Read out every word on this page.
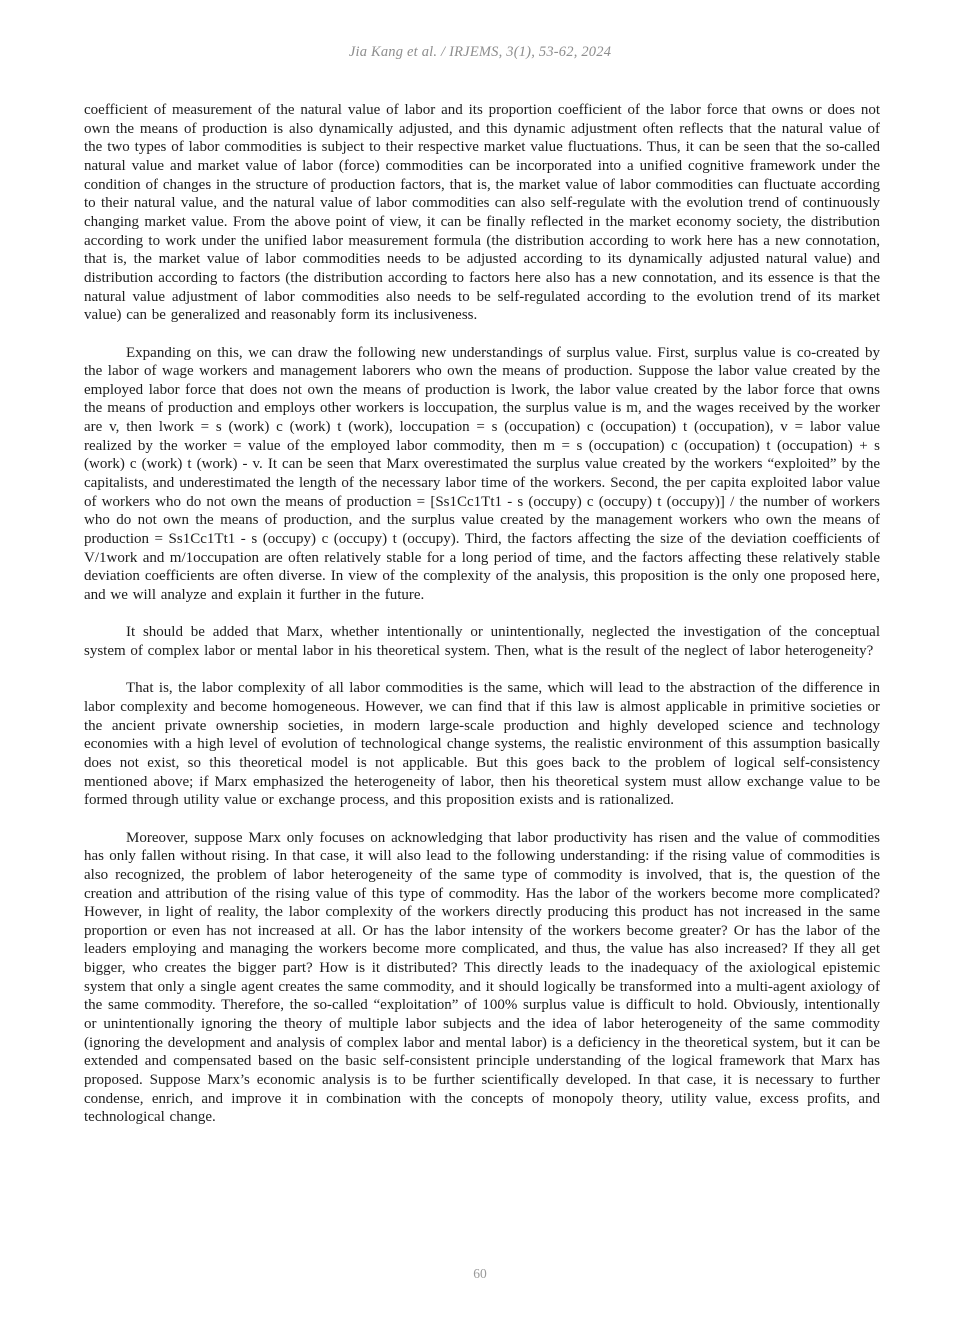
Jia Kang et al. / IRJEMS, 3(1), 53-62, 2024

coefficient of measurement of the natural value of labor and its proportion coefficient of the labor force that owns or does not own the means of production is also dynamically adjusted, and this dynamic adjustment often reflects that the natural value of the two types of labor commodities is subject to their respective market value fluctuations. Thus, it can be seen that the so-called natural value and market value of labor (force) commodities can be incorporated into a unified cognitive framework under the condition of changes in the structure of production factors, that is, the market value of labor commodities can fluctuate according to their natural value, and the natural value of labor commodities can also self-regulate with the evolution trend of continuously changing market value. From the above point of view, it can be finally reflected in the market economy society, the distribution according to work under the unified labor measurement formula (the distribution according to work here has a new connotation, that is, the market value of labor commodities needs to be adjusted according to its dynamically adjusted natural value) and distribution according to factors (the distribution according to factors here also has a new connotation, and its essence is that the natural value adjustment of labor commodities also needs to be self-regulated according to the evolution trend of its market value) can be generalized and reasonably form its inclusiveness.

Expanding on this, we can draw the following new understandings of surplus value. First, surplus value is co-created by the labor of wage workers and management laborers who own the means of production. Suppose the labor value created by the employed labor force that does not own the means of production is lwork, the labor value created by the labor force that owns the means of production and employs other workers is loccupation, the surplus value is m, and the wages received by the worker are v, then lwork = s (work) c (work) t (work), loccupation = s (occupation) c (occupation) t (occupation), v = labor value realized by the worker = value of the employed labor commodity, then m = s (occupation) c (occupation) t (occupation) + s (work) c (work) t (work) - v. It can be seen that Marx overestimated the surplus value created by the workers “exploited” by the capitalists, and underestimated the length of the necessary labor time of the workers. Second, the per capita exploited labor value of workers who do not own the means of production = [Ss1Cc1Tt1 - s (occupy) c (occupy) t (occupy)] / the number of workers who do not own the means of production, and the surplus value created by the management workers who own the means of production = Ss1Cc1Tt1 - s (occupy) c (occupy) t (occupy). Third, the factors affecting the size of the deviation coefficients of V/1work and m/1occupation are often relatively stable for a long period of time, and the factors affecting these relatively stable deviation coefficients are often diverse. In view of the complexity of the analysis, this proposition is the only one proposed here, and we will analyze and explain it further in the future.

It should be added that Marx, whether intentionally or unintentionally, neglected the investigation of the conceptual system of complex labor or mental labor in his theoretical system. Then, what is the result of the neglect of labor heterogeneity?

That is, the labor complexity of all labor commodities is the same, which will lead to the abstraction of the difference in labor complexity and become homogeneous. However, we can find that if this law is almost applicable in primitive societies or the ancient private ownership societies, in modern large-scale production and highly developed science and technology economies with a high level of evolution of technological change systems, the realistic environment of this assumption basically does not exist, so this theoretical model is not applicable. But this goes back to the problem of logical self-consistency mentioned above; if Marx emphasized the heterogeneity of labor, then his theoretical system must allow exchange value to be formed through utility value or exchange process, and this proposition exists and is rationalized.

Moreover, suppose Marx only focuses on acknowledging that labor productivity has risen and the value of commodities has only fallen without rising. In that case, it will also lead to the following understanding: if the rising value of commodities is also recognized, the problem of labor heterogeneity of the same type of commodity is involved, that is, the question of the creation and attribution of the rising value of this type of commodity. Has the labor of the workers become more complicated? However, in light of reality, the labor complexity of the workers directly producing this product has not increased in the same proportion or even has not increased at all. Or has the labor intensity of the workers become greater? Or has the labor of the leaders employing and managing the workers become more complicated, and thus, the value has also increased? If they all get bigger, who creates the bigger part? How is it distributed? This directly leads to the inadequacy of the axiological epistemic system that only a single agent creates the same commodity, and it should logically be transformed into a multi-agent axiology of the same commodity. Therefore, the so-called “exploitation” of 100% surplus value is difficult to hold. Obviously, intentionally or unintentionally ignoring the theory of multiple labor subjects and the idea of labor heterogeneity of the same commodity (ignoring the development and analysis of complex labor and mental labor) is a deficiency in the theoretical system, but it can be extended and compensated based on the basic self-consistent principle understanding of the logical framework that Marx has proposed. Suppose Marx’s economic analysis is to be further scientifically developed. In that case, it is necessary to further condense, enrich, and improve it in combination with the concepts of monopoly theory, utility value, excess profits, and technological change.

60
